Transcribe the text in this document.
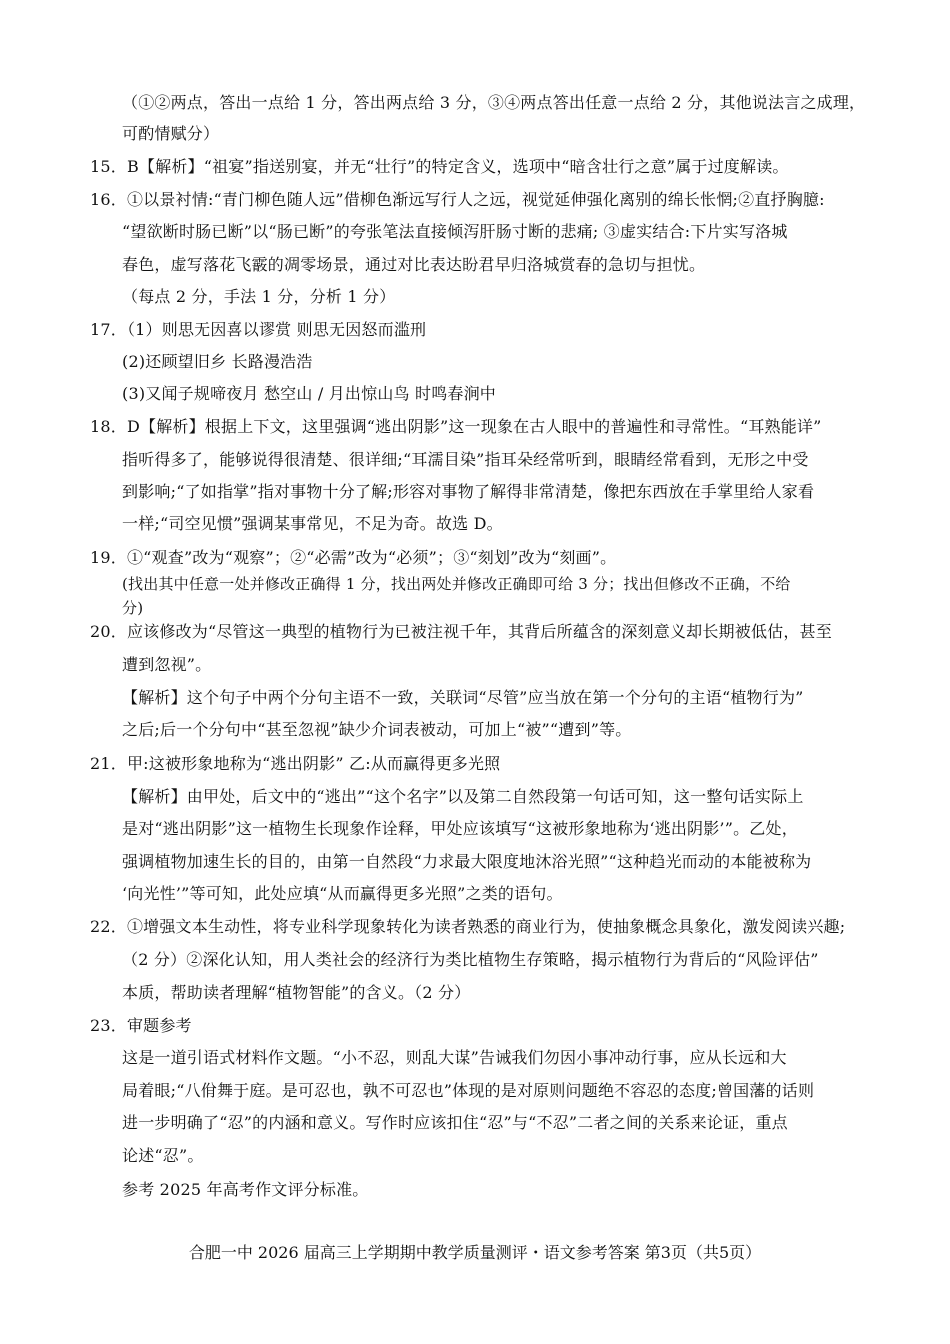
合肥一中 2026 届高三上学期期中教学质量测评・语文参考答案 第3页（共5页）
（①②两点，答出一点给 1 分，答出两点给 3 分，③④两点答出任意一点给 2 分，其他说法言之成理，
可酌情赋分）
15．B【解析】“祖宴”指送别宴，并无“壮行”的特定含义，选项中“暗含壮行之意”属于过度解读。
16．①以景衬情:“青门柳色随人远”借柳色渐远写行人之远，视觉延伸强化离别的绵长怅惘;②直抒胸臆:
“望欲断时肠已断”以“肠已断”的夸张笔法直接倾泻肝肠寸断的悲痛; ③虚实结合:下片实写洛城
春色，虚写落花飞霰的凋零场景，通过对比表达盼君早归洛城赏春的急切与担忧。
（每点 2 分，手法 1 分，分析 1 分）
17．（1）则思无因喜以谬赏 则思无因怒而滥刑
(2)还顾望旧乡 长路漫浩浩
(3)又闻子规啼夜月 愁空山 / 月出惊山鸟 时鸣春涧中
18．D【解析】根据上下文，这里强调“逃出阴影”这一现象在古人眼中的普遍性和寻常性。“耳熟能详”
指听得多了，能够说得很清楚、很详细;“耳濡目染”指耳朵经常听到，眼睛经常看到，无形之中受
到影响;“了如指掌”指对事物十分了解;形容对事物了解得非常清楚，像把东西放在手掌里给人家看
一样;“司空见惯”强调某事常见，不足为奇。故选 D。
19．①“观查”改为“观察”；②“必需”改为“必须”；③“刻划”改为“刻画”。
(找出其中任意一处并修改正确得 1 分，找出两处并修改正确即可给 3 分；找出但修改不正确，不给
分)
20．应该修改为“尽管这一典型的植物行为已被注视千年，其背后所蕴含的深刻意义却长期被低估，甚至
遭到忽视”。
【解析】这个句子中两个分句主语不一致，关联词“尽管”应当放在第一个分句的主语“植物行为”
之后;后一个分句中“甚至忽视”缺少介词表被动，可加上“被”“遭到”等。
21．甲:这被形象地称为“逃出阴影” 乙:从而赢得更多光照
【解析】由甲处，后文中的“逃出”“这个名字”以及第二自然段第一句话可知，这一整句话实际上
是对“逃出阴影”这一植物生长现象作诠释，甲处应该填写“这被形象地称为‘逃出阴影’”。乙处，
强调植物加速生长的目的，由第一自然段“力求最大限度地沐浴光照”“这种趋光而动的本能被称为
‘向光性’”等可知，此处应填“从而赢得更多光照”之类的语句。
22．①增强文本生动性，将专业科学现象转化为读者熟悉的商业行为，使抽象概念具象化，激发阅读兴趣;
（2 分）②深化认知，用人类社会的经济行为类比植物生存策略，揭示植物行为背后的“风险评估”
本质，帮助读者理解“植物智能”的含义。（2 分）
23．审题参考
这是一道引语式材料作文题。“小不忍，则乱大谋”告诫我们勿因小事冲动行事，应从长远和大
局着眼;“八佾舞于庭。是可忍也，孰不可忍也”体现的是对原则问题绝不容忍的态度;曾国藩的话则
进一步明确了“忍”的内涵和意义。写作时应该扣住“忍”与“不忍”二者之间的关系来论证，重点
论述“忍”。
参考 2025 年高考作文评分标准。
